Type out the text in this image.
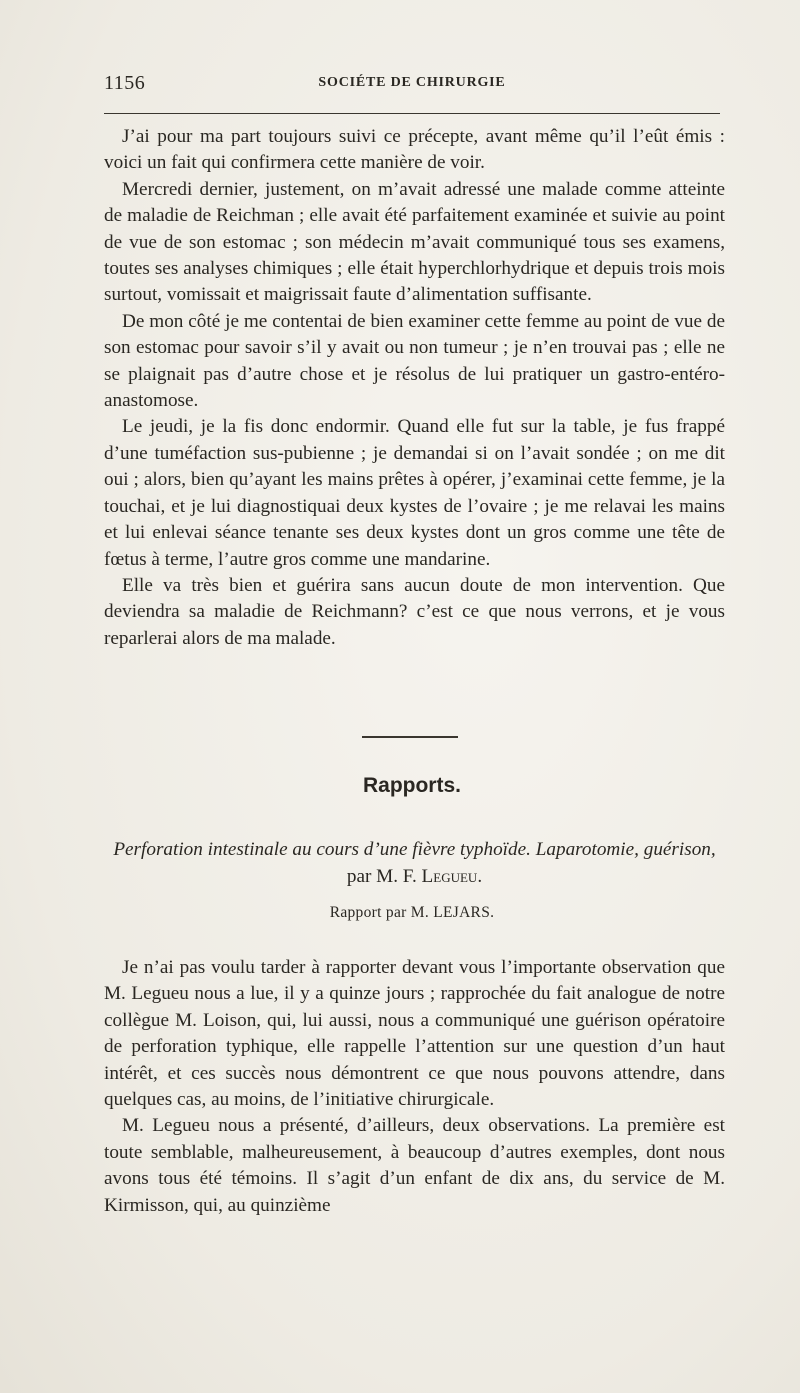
1156	SOCIÉTE DE CHIRURGIE

J’ai pour ma part toujours suivi ce précepte, avant même qu’il l’eût émis : voici un fait qui confirmera cette manière de voir.

Mercredi dernier, justement, on m’avait adressé une malade comme atteinte de maladie de Reichman ; elle avait été parfaitement examinée et suivie au point de vue de son estomac ; son médecin m’avait communiqué tous ses examens, toutes ses analyses chimiques ; elle était hyperchlorhydrique et depuis trois mois surtout, vomissait et maigrissait faute d’alimentation suffisante.

De mon côté je me contentai de bien examiner cette femme au point de vue de son estomac pour savoir s’il y avait ou non tumeur ; je n’en trouvai pas ; elle ne se plaignait pas d’autre chose et je résolus de lui pratiquer un gastro-entéro-anastomose.

Le jeudi, je la fis donc endormir. Quand elle fut sur la table, je fus frappé d’une tuméfaction sus-pubienne ; je demandai si on l’avait sondée ; on me dit oui ; alors, bien qu’ayant les mains prêtes à opérer, j’examinai cette femme, je la touchai, et je lui diagnostiquai deux kystes de l’ovaire ; je me relavai les mains et lui enlevai séance tenante ses deux kystes dont un gros comme une tête de fœtus à terme, l’autre gros comme une mandarine.

Elle va très bien et guérira sans aucun doute de mon intervention. Que deviendra sa maladie de Reichmann? c’est ce que nous verrons, et je vous reparlerai alors de ma malade.

Rapports.
Perforation intestinale au cours d’une fièvre typhoïde. Laparotomie, guérison, par M. F. Legueu.
Rapport par M. LEJARS.

Je n’ai pas voulu tarder à rapporter devant vous l’importante observation que M. Legueu nous a lue, il y a quinze jours ; rapprochée du fait analogue de notre collègue M. Loison, qui, lui aussi, nous a communiqué une guérison opératoire de perforation typhique, elle rappelle l’attention sur une question d’un haut intérêt, et ces succès nous démontrent ce que nous pouvons attendre, dans quelques cas, au moins, de l’initiative chirurgicale.

M. Legueu nous a présenté, d’ailleurs, deux observations. La première est toute semblable, malheureusement, à beaucoup d’autres exemples, dont nous avons tous été témoins. Il s’agit d’un enfant de dix ans, du service de M. Kirmisson, qui, au quinzième
